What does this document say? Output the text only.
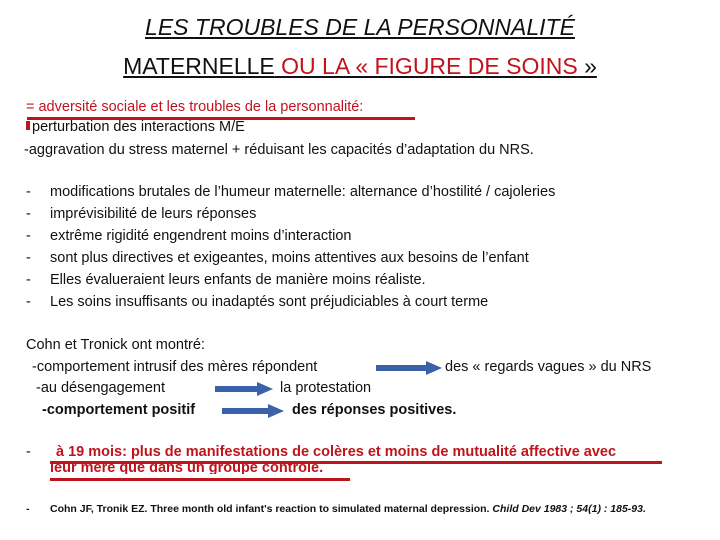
LES TROUBLES DE LA PERSONNALITÉ
MATERNELLE OU LA « FIGURE DE SOINS »
= adversité sociale et les troubles de la personnalité:
perturbation des interactions M/E
-aggravation du stress maternel + réduisant les capacités d’adaptation du NRS.
- modifications brutales de l’humeur maternelle: alternance d’hostilité / cajoleries
- imprévisibilité de leurs réponses
- extrême rigidité engendrent moins d’interaction
- sont plus directives et exigeantes, moins attentives aux besoins de l’enfant
- Elles évalueraient leurs enfants de manière moins réaliste.
- Les soins insuffisants ou inadaptés sont préjudiciables à court terme
Cohn et Tronick ont montré:
-comportement intrusif des mères répondent	des « regards vagues » du NRS
-au désengagement	la protestation
-comportement positif	des réponses positives.
- à 19 mois: plus de manifestations de colères et moins de mutualité affective avec
leur mère que dans un groupe contrôle.
- Cohn JF, Tronik EZ. Three month old infant's reaction to simulated maternal depression. Child Dev 1983 ; 54(1) : 185-93.
